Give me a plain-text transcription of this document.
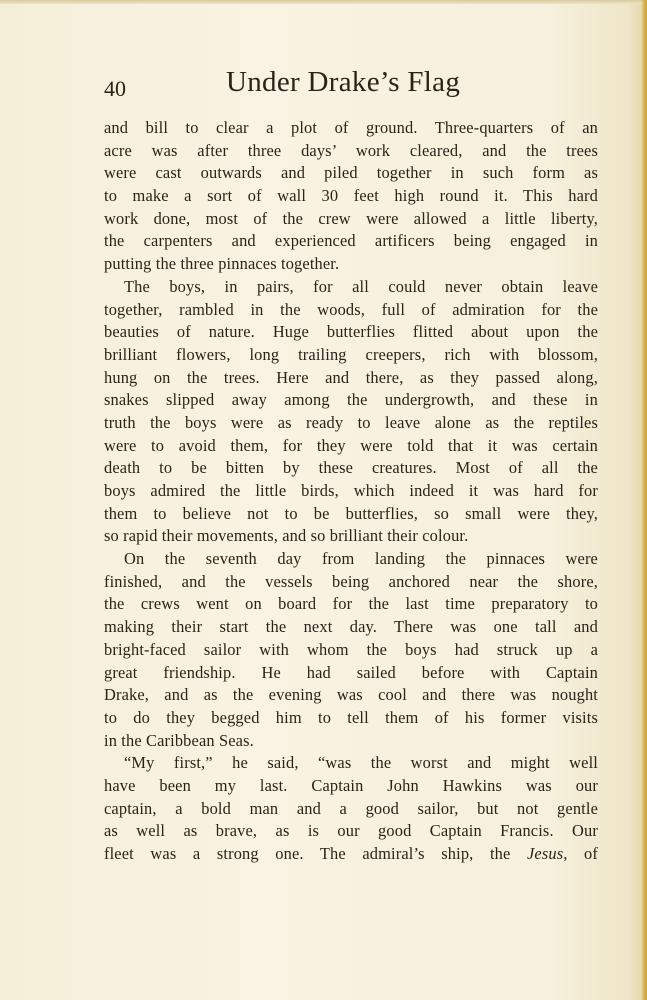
40	Under Drake’s Flag
and bill to clear a plot of ground. Three-quarters of an
acre was after three days’ work cleared, and the trees
were cast outwards and piled together in such form as
to make a sort of wall 30 feet high round it. This hard
work done, most of the crew were allowed a little liberty,
the carpenters and experienced artificers being engaged in
putting the three pinnaces together.
The boys, in pairs, for all could never obtain leave
together, rambled in the woods, full of admiration for the
beauties of nature. Huge butterflies flitted about upon the
brilliant flowers, long trailing creepers, rich with blossom,
hung on the trees. Here and there, as they passed along,
snakes slipped away among the undergrowth, and these in
truth the boys were as ready to leave alone as the reptiles
were to avoid them, for they were told that it was certain
death to be bitten by these creatures. Most of all the
boys admired the little birds, which indeed it was hard for
them to believe not to be butterflies, so small were they,
so rapid their movements, and so brilliant their colour.
On the seventh day from landing the pinnaces were
finished, and the vessels being anchored near the shore,
the crews went on board for the last time preparatory to
making their start the next day. There was one tall and
bright-faced sailor with whom the boys had struck up a
great friendship. He had sailed before with Captain
Drake, and as the evening was cool and there was nought
to do they begged him to tell them of his former visits
in the Caribbean Seas.
“My first,” he said, “was the worst and might well
have been my last. Captain John Hawkins was our
captain, a bold man and a good sailor, but not gentle
as well as brave, as is our good Captain Francis. Our
fleet was a strong one. The admiral’s ship, the Jesus, of
